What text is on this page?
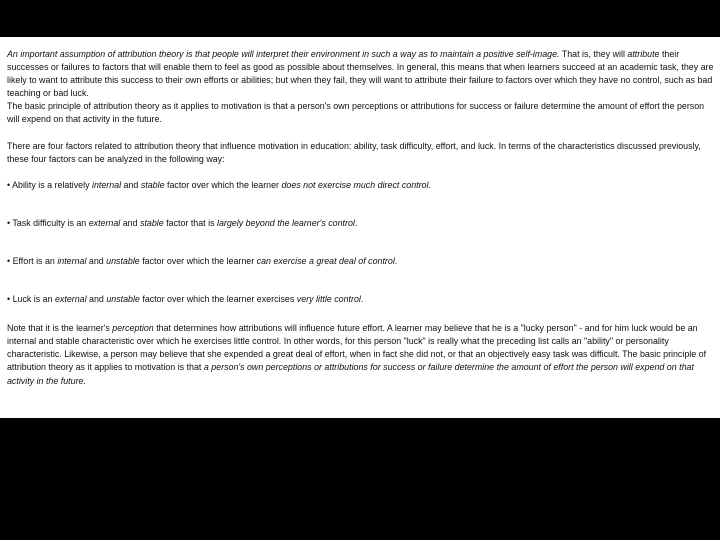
An important assumption of attribution theory is that people will interpret their environment in such a way as to maintain a positive self-image. That is, they will attribute their successes or failures to factors that will enable them to feel as good as possible about themselves. In general, this means that when learners succeed at an academic task, they are likely to want to attribute this success to their own efforts or abilities; but when they fail, they will want to attribute their failure to factors over which they have no control, such as bad teaching or bad luck.

The basic principle of attribution theory as it applies to motivation is that a person's own perceptions or attributions for success or failure determine the amount of effort the person will expend on that activity in the future.

There are four factors related to attribution theory that influence motivation in education: ability, task difficulty, effort, and luck. In terms of the characteristics discussed previously, these four factors can be analyzed in the following way:

• Ability is a relatively internal and stable factor over which the learner does not exercise much direct control.

• Task difficulty is an external and stable factor that is largely beyond the learner's control.

• Effort is an internal and unstable factor over which the learner can exercise a great deal of control.

• Luck is an external and unstable factor over which the learner exercises very little control.

Note that it is the learner's perception that determines how attributions will influence future effort. A learner may believe that he is a "lucky person" - and for him luck would be an internal and stable characteristic over which he exercises little control. In other words, for this person "luck" is really what the preceding list calls an "ability" or personality characteristic. Likewise, a person may believe that she expended a great deal of effort, when in fact she did not, or that an objectively easy task was difficult. The basic principle of attribution theory as it applies to motivation is that a person's own perceptions or attributions for success or failure determine the amount of effort the person will expend on that activity in the future.
